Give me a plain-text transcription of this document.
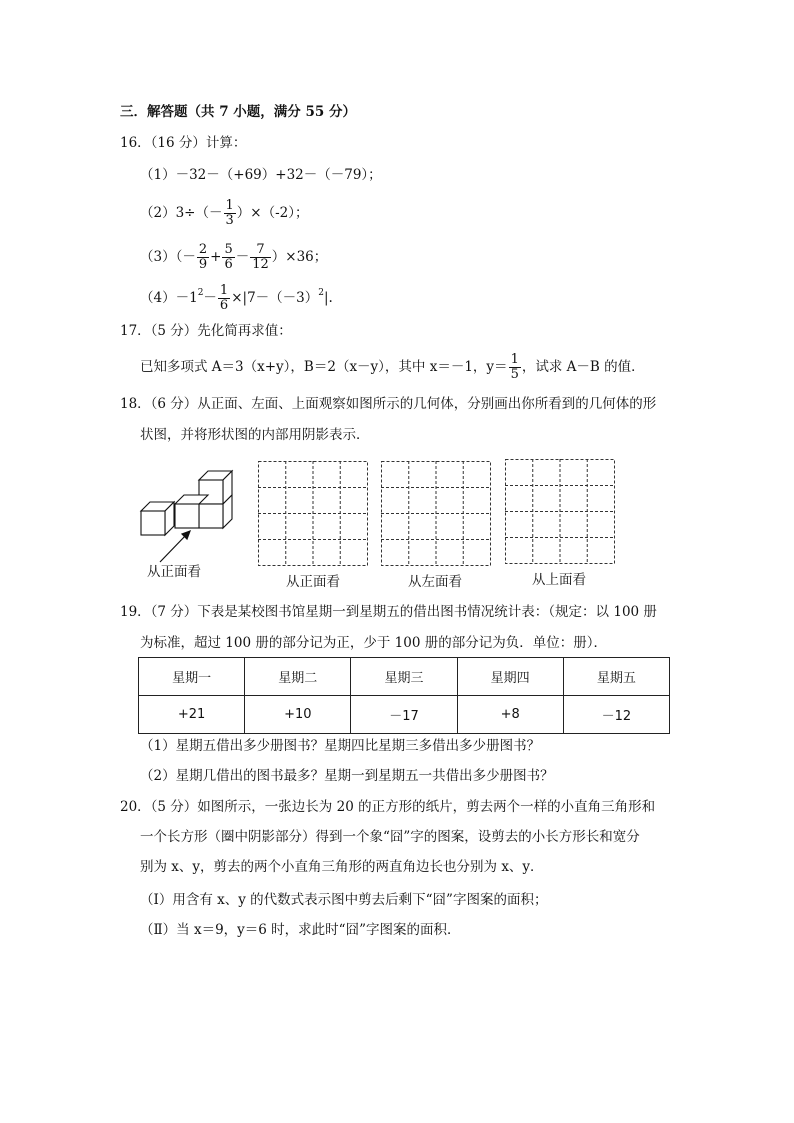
三．解答题（共 7 小题，满分 55 分）
16．（16 分）计算：
（1）－32－（+69）+32－（－79）；
$(2)3\div(- \frac{1}{3} )\times(-2)$；
$(3)(- \frac{2}{9} + \frac{5}{6} - \frac{7}{12} )\times 36$；
$(4)-1^2- \frac{1}{6} \times|7-(-3)^2|$.
17．（5 分）先化简再求值：
已知多项式 A＝3（x+y），B＝2（x－y），其中 x＝－1，$y= \frac{1}{5}$ ，试求 A－B 的值．
18．（6 分）从正面、左面、上面观察如图所示的几何体，分别画出你所看到的几何体的形
状图，并将形状图的内部用阴影表示．
从正面看
从正面看	从左面看	从上面看
19．（7 分）下表是某校图书馆星期一到星期五的借出图书情况统计表：（规定：以 100 册
为标准，超过 100 册的部分记为正，少于 100 册的部分记为负．单位：册）．
星期一	星期二	星期三	星期四	星期五
+21	+10	－17	+8	－12
（1）星期五借出多少册图书？星期四比星期三多借出多少册图书？
（2）星期几借出的图书最多？星期一到星期五一共借出多少册图书？
20．（5 分）如图所示，一张边长为 20 的正方形的纸片，剪去两个一样的小直角三角形和
一个长方形（圈中阴影部分）得到一个象“囧”字的图案，设剪去的小长方形长和宽分
别为 x、y，剪去的两个小直角三角形的两直角边长也分别为 x、y．
（Ⅰ）用含有 x、y 的代数式表示图中剪去后剩下“囧”字图案的面积；
（Ⅱ）当 x＝9，y＝6 时，求此时“囧”字图案的面积．
